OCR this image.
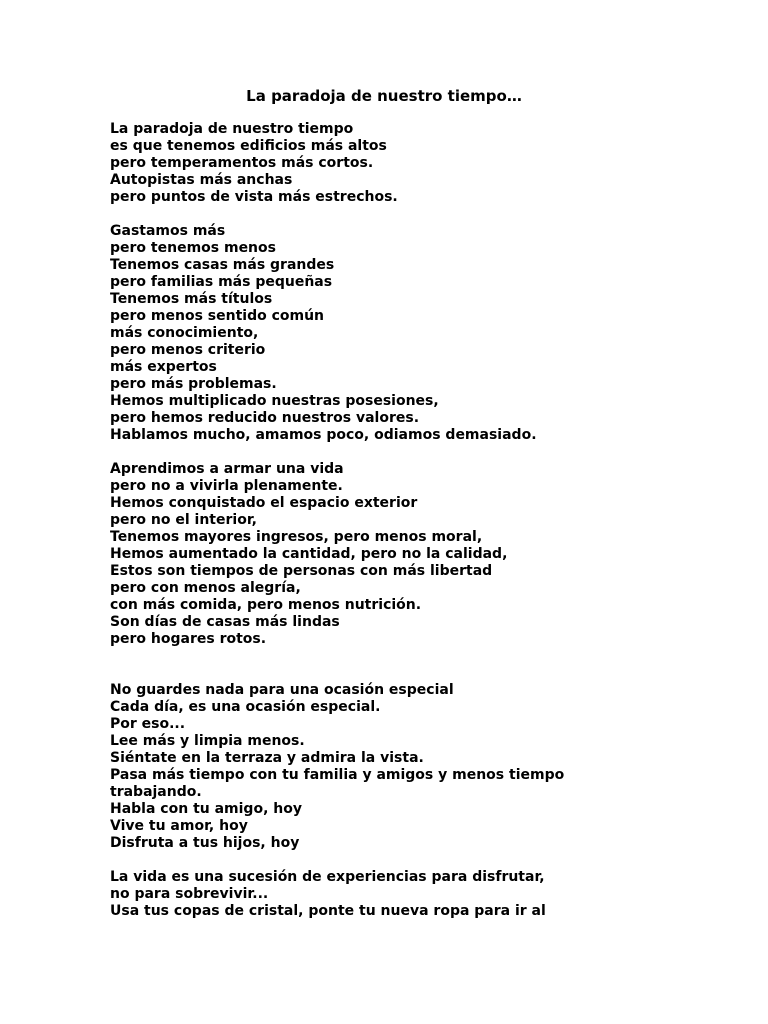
La paradoja de nuestro tiempo…
La paradoja de nuestro tiempo
es que tenemos edificios más altos
pero temperamentos más cortos.
Autopistas más anchas
pero puntos de vista más estrechos.
Gastamos más
pero tenemos menos
Tenemos casas más grandes
pero familias más pequeñas
Tenemos más títulos
pero menos sentido común
más conocimiento,
pero menos criterio
más expertos
pero más problemas.
Hemos multiplicado nuestras posesiones,
pero hemos reducido nuestros valores.
Hablamos mucho, amamos poco, odiamos demasiado.
Aprendimos a armar una vida
pero no a vivirla plenamente.
Hemos conquistado el espacio exterior
pero no el interior,
Tenemos mayores ingresos, pero menos moral,
Hemos aumentado la cantidad, pero no la calidad,
Estos son tiempos de personas con más libertad
pero con menos alegría,
con más comida, pero menos nutrición.
Son días de casas más lindas
pero hogares rotos.
No guardes nada para una ocasión especial
Cada día, es una ocasión especial.
Por eso...
Lee más y limpia menos.
Siéntate en la terraza y admira la vista.
Pasa más tiempo con tu familia y amigos y menos tiempo
trabajando.
Habla con tu amigo, hoy
Vive tu amor, hoy
Disfruta a tus hijos, hoy
La vida es una sucesión de experiencias para disfrutar,
no para sobrevivir...
Usa tus copas de cristal, ponte tu nueva ropa para ir al
